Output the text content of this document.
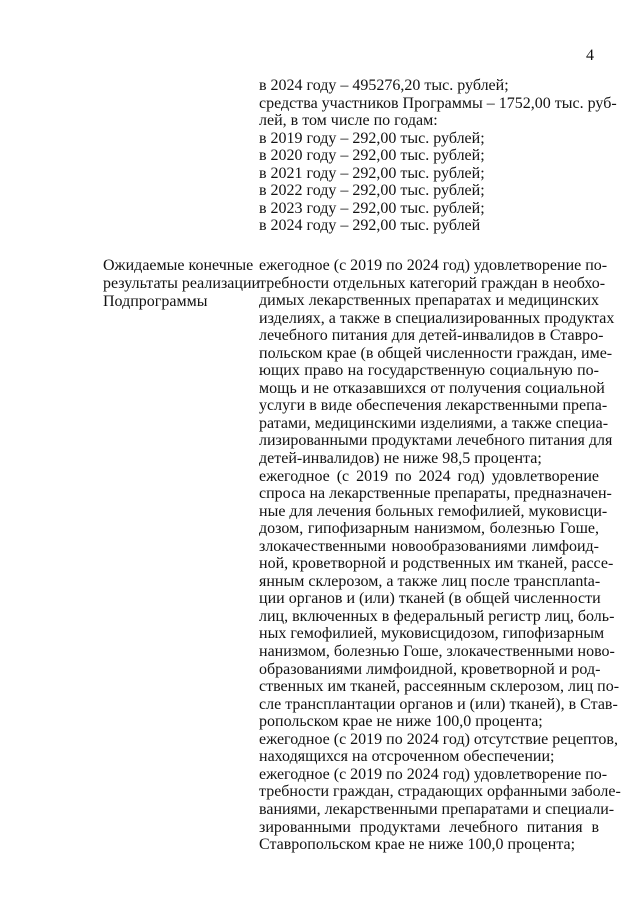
4
в 2024 году – 495276,20 тыс. рублей;
средства участников Программы – 1752,00 тыс. руб-
лей, в том числе по годам:
в 2019 году – 292,00 тыс. рублей;
в 2020 году – 292,00 тыс. рублей;
в 2021 году – 292,00 тыс. рублей;
в 2022 году – 292,00 тыс. рублей;
в 2023 году – 292,00 тыс. рублей;
в 2024 году – 292,00 тыс. рублей
Ожидаемые конечные
результаты реализации
Подпрограммы
ежегодное (с 2019 по 2024 год) удовлетворение по-
требности отдельных категорий граждан в необхо-
димых лекарственных препаратах и медицинских
изделиях, а также в специализированных продуктах
лечебного питания для детей-инвалидов в Ставро-
польском крае (в общей численности граждан, име-
ющих право на государственную социальную по-
мощь и не отказавшихся от получения социальной
услуги в виде обеспечения лекарственными препа-
ратами, медицинскими изделиями, а также специа-
лизированными продуктами лечебного питания для
детей-инвалидов) не ниже 98,5 процента;
ежегодное (с 2019 по 2024 год) удовлетворение
спроса на лекарственные препараты, предназначен-
ные для лечения больных гемофилией, муковисци-
дозом, гипофизарным нанизмом, болезнью Гоше,
злокачественными новообразованиями лимфоид-
ной, кроветворной и родственных им тканей, рассе-
янным склерозом, а также лиц после трансплanta-
ции органов и (или) тканей (в общей численности
лиц, включенных в федеральный регистр лиц, боль-
ных гемофилией, муковисцидозом, гипофизарным
нанизмом, болезнью Гоше, злокачественными ново-
образованиями лимфоидной, кроветворной и род-
ственных им тканей, рассеянным склерозом, лиц по-
сле трансплантации органов и (или) тканей), в Став-
ропольском крае не ниже 100,0 процента;
ежегодное (с 2019 по 2024 год) отсутствие рецептов,
находящихся на отсроченном обеспечении;
ежегодное (с 2019 по 2024 год) удовлетворение по-
требности граждан, страдающих орфанными заболе-
ваниями, лекарственными препаратами и специали-
зированными продуктами лечебного питания в
Ставропольском крае не ниже 100,0 процента;
